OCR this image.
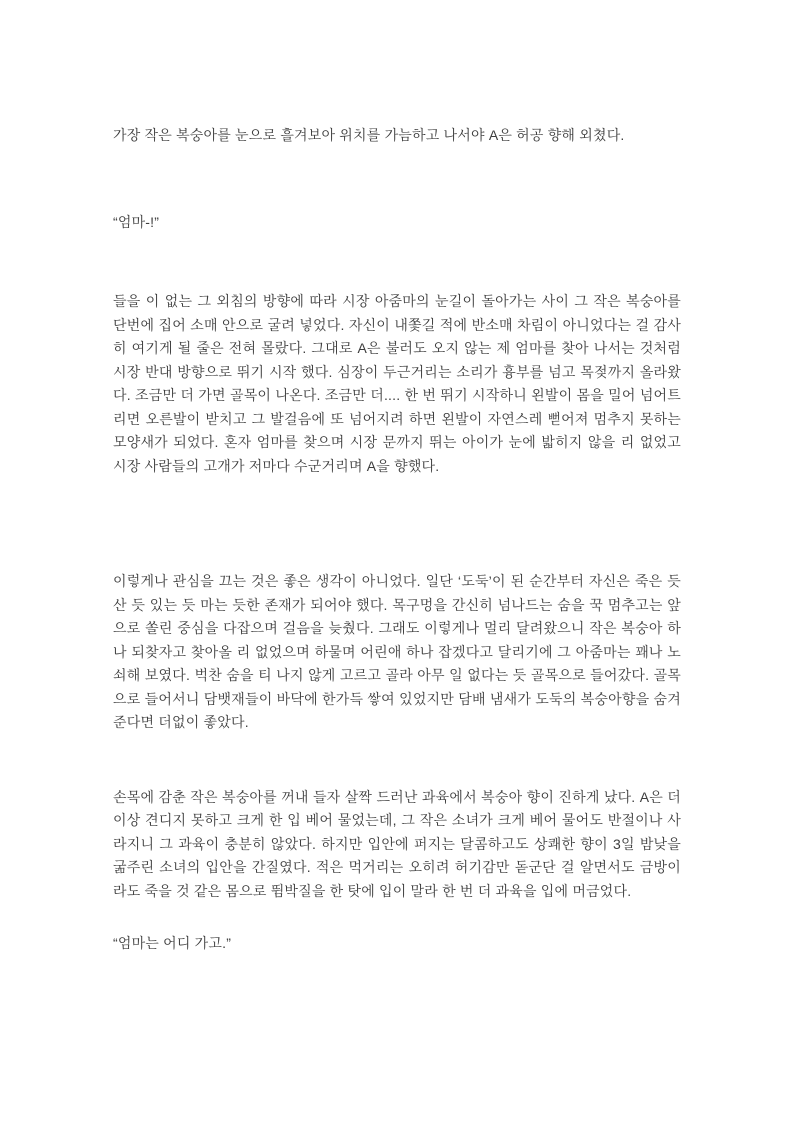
가장 작은 복숭아를 눈으로 흘겨보아 위치를 가늠하고 나서야 A은 허공 향해 외쳤다.

“엄마-!”

들을 이 없는 그 외침의 방향에 따라 시장 아줌마의 눈길이 돌아가는 사이 그 작은 복숭아를 단번에 집어 소매 안으로 굴려 넣었다. 자신이 내쫓길 적에 반소매 차림이 아니었다는 걸 감사히 여기게 될 줄은 전혀 몰랐다. 그대로 A은 불러도 오지 않는 제 엄마를 찾아 나서는 것처럼 시장 반대 방향으로 뛰기 시작 했다. 심장이 두근거리는 소리가 흉부를 넘고 목젖까지 올라왔다. 조금만 더 가면 골목이 나온다. 조금만 더.... 한 번 뛰기 시작하니 왼발이 몸을 밀어 넘어트리면 오른발이 받치고 그 발걸음에 또 넘어지려 하면 왼발이 자연스레 뻗어져 멈추지 못하는 모양새가 되었다. 혼자 엄마를 찾으며 시장 문까지 뛰는 아이가 눈에 밟히지 않을 리 없었고 시장 사람들의 고개가 저마다 수군거리며 A을 향했다.

이렇게나 관심을 끄는 것은 좋은 생각이 아니었다. 일단 ‘도둑’이 된 순간부터 자신은 죽은 듯 산 듯 있는 듯 마는 듯한 존재가 되어야 했다. 목구멍을 간신히 넘나드는 숨을 꾹 멈추고는 앞으로 쏠린 중심을 다잡으며 걸음을 늦췄다. 그래도 이렇게나 멀리 달려왔으니 작은 복숭아 하나 되찾자고 찾아올 리 없었으며 하물며 어린애 하나 잡겠다고 달리기에 그 아줌마는 꽤나 노쇠해 보였다. 벅찬 숨을 티 나지 않게 고르고 골라 아무 일 없다는 듯 골목으로 들어갔다. 골목으로 들어서니 담뱃재들이 바닥에 한가득 쌓여 있었지만 담배 냄새가 도둑의 복숭아향을 숨겨준다면 더없이 좋았다.

손목에 감춘 작은 복숭아를 꺼내 들자 살짝 드러난 과육에서 복숭아 향이 진하게 났다. A은 더 이상 견디지 못하고 크게 한 입 베어 물었는데, 그 작은 소녀가 크게 베어 물어도 반절이나 사라지니 그 과육이 충분히 않았다. 하지만 입안에 퍼지는 달콤하고도 상쾌한 향이 3일 밤낮을 굶주린 소녀의 입안을 간질였다. 적은 먹거리는 오히려 허기감만 돋군단 걸 알면서도 금방이라도 죽을 것 같은 몸으로 뜀박질을 한 탓에 입이 말라 한 번 더 과육을 입에 머금었다.

“엄마는 어디 가고.”
